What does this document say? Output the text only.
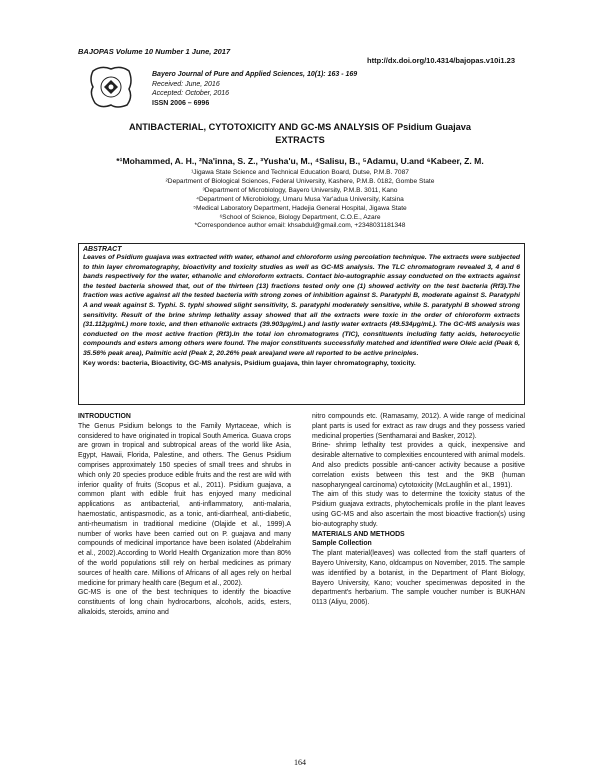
BAJOPAS Volume 10 Number 1 June, 2017
http://dx.doi.org/10.4314/bajopas.v10i1.23
Bayero Journal of Pure and Applied Sciences, 10(1): 163 - 169
Received: June, 2016
Accepted: October, 2016
ISSN 2006 – 6996
ANTIBACTERIAL, CYTOTOXICITY AND GC-MS ANALYSIS OF Psidium Guajava
EXTRACTS
*¹Mohammed, A. H., ²Na'inna, S. Z., ³Yusha'u, M., ⁴Salisu, B., ⁵Adamu, U.and ⁶Kabeer, Z. M.
¹Jigawa State Science and Technical Education Board, Dutse, P.M.B. 7087
²Department of Biological Sciences, Federal University, Kashere, P.M.B. 0182, Gombe State
³Department of Microbiology, Bayero University, P.M.B. 3011, Kano
⁴Department of Microbiology, Umaru Musa Yar'adua University, Katsina
⁵Medical Laboratory Department, Hadejia General Hospital, Jigawa State
⁶School of Science, Biology Department, C.O.E., Azare
*Correspondence author email: khsabdul@gmail.com, +2348031181348
ABSTRACT
Leaves of Psidium guajava was extracted with water, ethanol and chloroform using percolation technique. The extracts were subjected to thin layer chromatography, bioactivity and toxicity studies as well as GC-MS analysis. The TLC chromatogram revealed 3, 4 and 6 bands respectively for the water, ethanolic and chloroform extracts. Contact bio-autographic assay conducted on the extracts against the tested bacteria showed that, out of the thirteen (13) fractions tested only one (1) showed activity on the test bacteria (Rf3).The fraction was active against all the tested bacteria with strong zones of inhibition against S. Paratyphi B, moderate against S. Paratyphi A and weak against S. Typhi. S. typhi showed slight sensitivity, S. paratyphi moderately sensitive, while S. paratyphi B showed strong sensitivity. Result of the brine shrimp lethality assay showed that all the extracts were toxic in the order of chloroform extracts (31.112μg/mL) more toxic, and then ethanolic extracts (39.903μg/mL) and lastly water extracts (49.534μg/mL). The GC-MS analysis was conducted on the most active fraction (Rf3).In the total ion chromatograms (TIC), constituents including fatty acids, heterocyclic compounds and esters among others were found. The major constituents successfully matched and identified were Oleic acid (Peak 6, 35.56% peak area), Palmitic acid (Peak 2, 20.26% peak area)and were all reported to be active principles.
Key words: bacteria, Bioactivity, GC-MS analysis, Psidium guajava, thin layer chromatography, toxicity.
INTRODUCTION

The Genus Psidium belongs to the Family Myrtaceae, which is considered to have originated in tropical South America. Guava crops are grown in tropical and subtropical areas of the world like Asia, Egypt, Hawaii, Florida, Palestine, and others. The Genus Psidium comprises approximately 150 species of small trees and shrubs in which only 20 species produce edible fruits and the rest are wild with inferior quality of fruits (Scopus et al., 2011). Psidium guajava, a common plant with edible fruit has enjoyed many medicinal applications as antibacterial, anti-inflammatory, anti-malaria, haemostatic, antispasmodic, as a tonic, anti-diarrheal, anti-diabetic, anti-rheumatism in traditional medicine (Olajide et al., 1999).A number of works have been carried out on P. guajava and many compounds of medicinal importance have been isolated (Abdelrahim et al., 2002).According to World Health Organization more than 80% of the world populations still rely on herbal medicines as primary sources of health care. Millions of Africans of all ages rely on herbal medicine for primary health care (Begum et al., 2002).

GC-MS is one of the best techniques to identify the bioactive constituents of long chain hydrocarbons, alcohols, acids, esters, alkaloids, steroids, amino and

nitro compounds etc. (Ramasamy, 2012). A wide range of medicinal plant parts is used for extract as raw drugs and they possess varied medicinal properties (Senthamarai and Basker, 2012).

Brine- shrimp lethality test provides a quick, inexpensive and desirable alternative to complexities encountered with animal models. And also predicts possible anti-cancer activity because a positive correlation exists between this test and the 9KB (human nasopharyngeal carcinoma) cytotoxicity (McLaughlin et al., 1991).

The aim of this study was to determine the toxicity status of the Psidium guajava extracts, phytochemicals profile in the plant leaves using GC-MS and also ascertain the most bioactive fraction(s) using bio-autography study.

MATERIALS AND METHODS
Sample Collection

The plant material(leaves) was collected from the staff quarters of Bayero University, Kano, oldcampus on November, 2015. The sample was identified by a botanist, in the Department of Plant Biology, Bayero University, Kano; voucher specimenwas deposited in the department's herbarium. The sample voucher number is BUKHAN 0113 (Aliyu, 2006).

164
